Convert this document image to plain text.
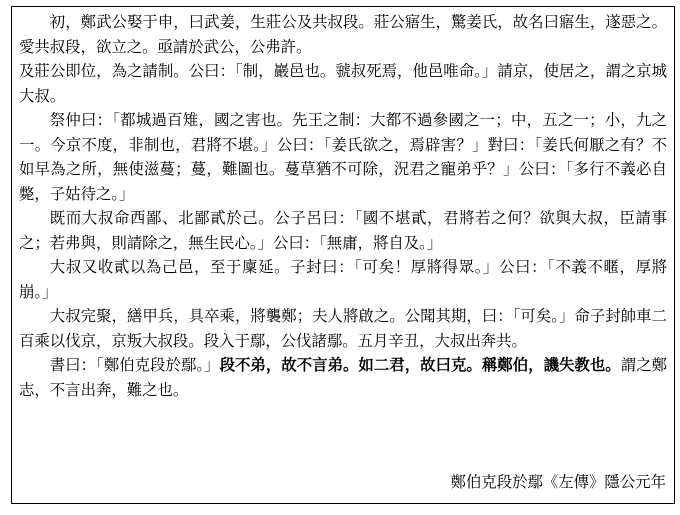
初，鄭武公娶于申，曰武姜，生莊公及共叔段。莊公寤生，驚姜氏，故名曰寤生，遂惡之。愛共叔段，欲立之。亟請於武公，公弗許。

及莊公即位，為之請制。公曰：「制，巖邑也。虢叔死焉，他邑唯命。」請京，使居之，謂之京城大叔。

祭仲曰：「都城過百雉，國之害也。先王之制：大都不過參國之一；中，五之一；小，九之一。今京不度，非制也，君將不堪。」公曰：「姜氏欲之，焉辟害？」對曰：「姜氏何厭之有？不如早為之所，無使滋蔓；蔓，難圖也。蔓草猶不可除，況君之寵弟乎？」公曰：「多行不義必自斃，子姑待之。」

既而大叔命西鄙、北鄙貳於己。公子呂曰：「國不堪貳，君將若之何？欲與大叔，臣請事之；若弗與，則請除之，無生民心。」公曰：「無庸，將自及。」

大叔又收貳以為己邑，至于廩延。子封曰：「可矣！厚將得眾。」公曰：「不義不暱，厚將崩。」

大叔完聚，繕甲兵，具卒乘，將襲鄭；夫人將啟之。公聞其期，曰：「可矣。」命子封帥車二百乘以伐京，京叛大叔段。段入于鄢，公伐諸鄢。五月辛丑，大叔出奔共。

書曰：「鄭伯克段於鄢。」段不弟，故不言弟。如二君，故曰克。稱鄭伯，譏失教也。謂之鄭志，不言出奔，難之也。

鄭伯克段於鄢《左傳》隱公元年
